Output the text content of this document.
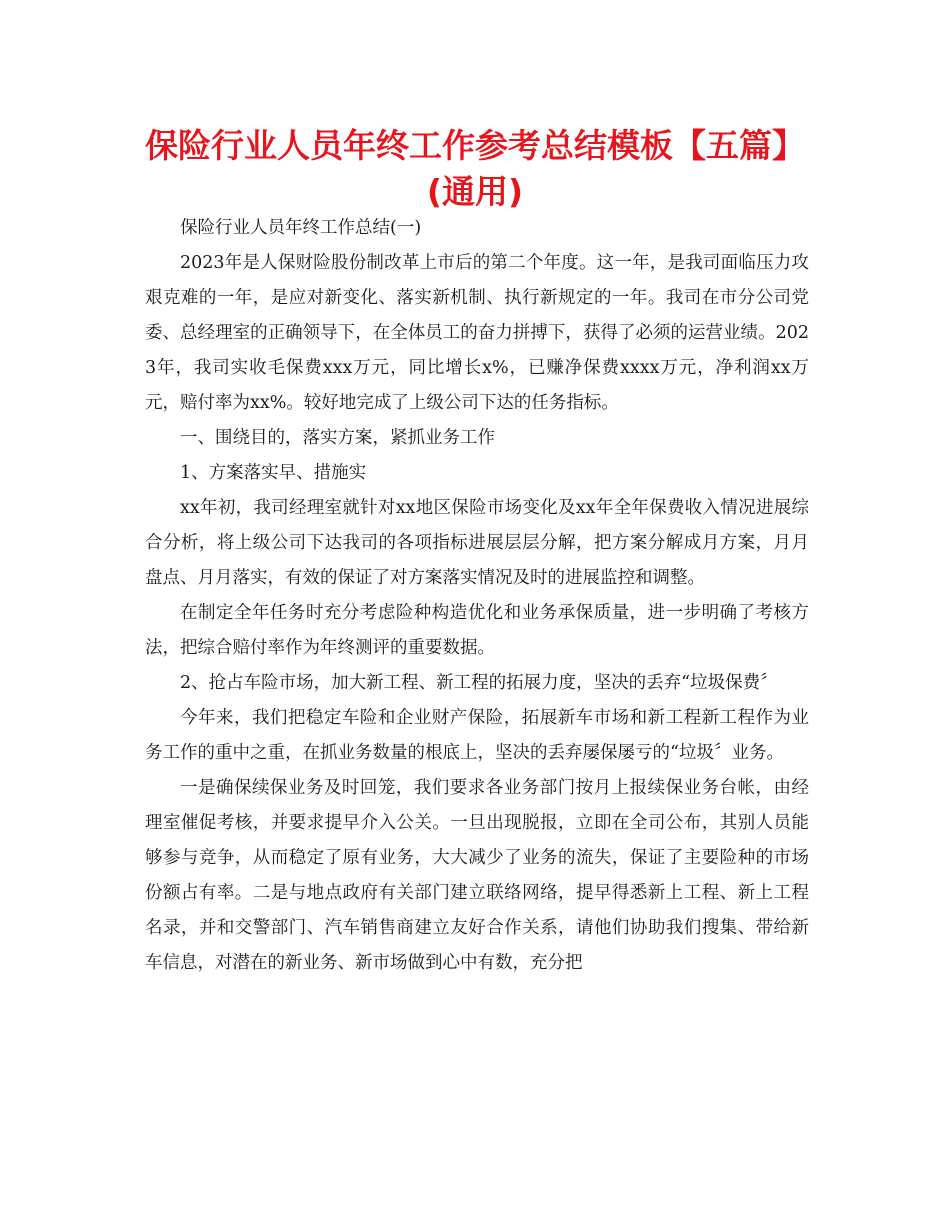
保险行业人员年终工作参考总结模板【五篇】
(通用)

保险行业人员年终工作总结(一)

2023年是人保财险股份制改革上市后的第二个年度。这一年，是我司面临压力攻艰克难的一年，是应对新变化、落实新机制、执行新规定的一年。我司在市分公司党委、总经理室的正确领导下，在全体员工的奋力拼搏下，获得了必须的运营业绩。2023年，我司实收毛保费xxx万元，同比增长x%，已赚净保费xxxx万元，净利润xx万元，赔付率为xx%。较好地完成了上级公司下达的任务指标。

一、围绕目的，落实方案，紧抓业务工作

1、方案落实早、措施实

xx年初，我司经理室就针对xx地区保险市场变化及xx年全年保费收入情况进展综合分析，将上级公司下达我司的各项指标进展层层分解，把方案分解成月方案，月月盘点、月月落实，有效的保证了对方案落实情况及时的进展监控和调整。

在制定全年任务时充分考虑险种构造优化和业务承保质量，进一步明确了考核方法，把综合赔付率作为年终测评的重要数据。

2、抢占车险市场，加大新工程、新工程的拓展力度，坚决的丢弃“垃圾保费〞

今年来，我们把稳定车险和企业财产保险，拓展新车市场和新工程新工程作为业务工作的重中之重，在抓业务数量的根底上，坚决的丢弃屡保屡亏的“垃圾〞业务。

一是确保续保业务及时回笼，我们要求各业务部门按月上报续保业务台帐，由经理室催促考核，并要求提早介入公关。一旦出现脱报，立即在全司公布，其别人员能够参与竞争，从而稳定了原有业务，大大减少了业务的流失，保证了主要险种的市场份额占有率。二是与地点政府有关部门建立联络网络，提早得悉新上工程、新上工程名录，并和交警部门、汽车销售商建立友好合作关系，请他们协助我们搜集、带给新车信息，对潜在的新业务、新市场做到心中有数，充分把
